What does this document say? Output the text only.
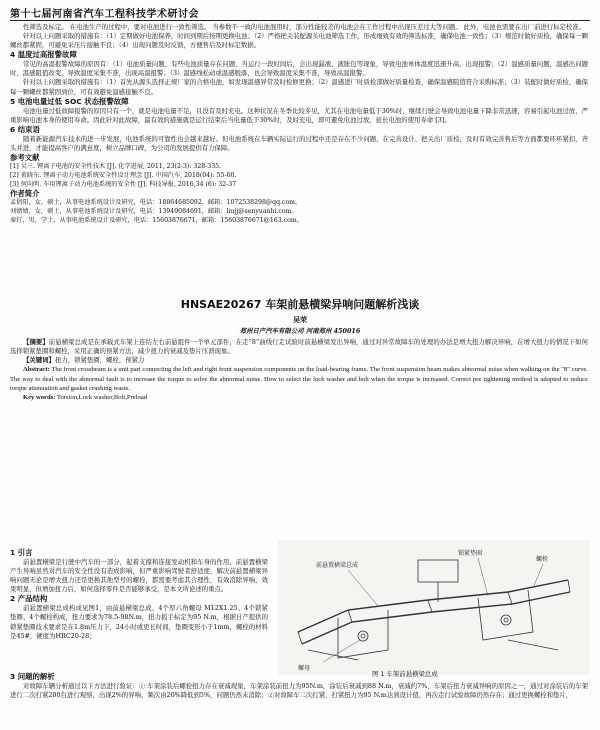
第十七届河南省汽车工程科技学术研讨会

性筛选及标定。 在电池生产的过程中，要对电池进行一致性筛选。 当参数不一致的电池混用时，部分性能较差的电池会在工作过程中出现压差过大等问题。 此外，电池也需要在出厂前进行标定校准。

针对以上问题采取的措施有：（1）定期做好电池保养，时间到期后按期更换电池；（2）严格把关装配源头电池筛选工作，形成细致有效的筛选标准，确保电池一致性；（3）规范时做好质检，确保每一颗螺丝都紧固，可避免采压片接触不良；（4）出现问题及时反馈，方便售后及时标定数据。

4 温度过高报警故障

常见的高温报警故障的原因有：（1）电池质量问题，有些电池质量存在问题，当运行一段时间后，会出现漏液、液胀包等现象，导致电池单体温度迅速升高，出现报警；（2）温感质量问题，温感出问题时，温感阻值改变，导致温度采集不准，出现高温报警；（3）温感线松动或温感脱落，也会导致温度采集不准，导致高温报警。

针对以上问题采取的措施有：（1）首先从源头选择正规厂家的合格电池，如发现温感异常及时检修更换；（2）温感进厂时质检部做好质量检查，确保温感阻值符合采购标准；（3）装配时做好质检，确保每一颗螺丝都紧固到位，可有效避免温感接触不良。

5 电池电量过低 SOC 状态报警故障

电池电量过低故障报警的原因只有一个，就是电池电量不足，且没有及时充电。这种状况在冬季比较多见，尤其在电池电量低于30%时，继续行驶会导致电池电量下降非常迅速，容易引起电池过放，严重影响电池本身的使用寿命。因此针对此故障，最有效的措施就是运行结束后当电量低于30%时，及时充电，即可避免电池过放，延长电池的使用寿命 [3]。

6 结束语

随着新能源汽车技术的进一步发展，电池系统的可靠性也会越来越好。但电池系统在车辆实际运行的过程中还是存在不少问题，在完善设计、把关出厂质检，及时有效完善售后等方面都要环环紧扣，齐头并进，才能提高客户的满意度，树立品牌口碑，为公司的发展提供有力保障。

参考文献

[1] 吴三. 锂离子电池的安全性技术 [J]. 化学进展, 2011, 23(2-3): 328-335.

[2] 黄晓东. 锂离子动力电池系统安全性设计理念 [J]. 中国汽车, 2018(04): 55-60.

[3] 何向明. 车用锂离子动力电池系统的安全性 [J]. 科技导报, 2016,34 (6): 32-37

作者简介

孟倩阳，女，硕士，从事电池系统设计及研究，电话：18864685092，邮箱：1072538298@qq.com。

刘婧婧，女，硕士，从事电池系统设计及研究，电话：13949084691，邮箱：liujj@senyuanhi.com。

秦钌，男，学士，从事电池系统设计及研究，电话：15603876671，邮箱：15603876671@163.com。

HNSAE20267 车架前悬横梁异响问题解析浅谈
吴荣
郑州日产汽车有限公司 河南郑州 450016

【摘要】前悬横梁总成是在承载式车架上连结左右前悬组件一个单元部件，在走“8”曲线行走试验时前悬横梁发出异响，通过对异常故障车的处理的办法是增大扭力解决异响，在增大扭力的情况下如何选择锁紧垫圈和螺栓，采用正确的预紧方法，减少扭力的衰减及垫片压溃现象。

【关键词】扭力，锁紧垫圈，螺栓，预紧力

Abstract: The front crossbeam is a unit part connecting the left and right front suspension components on the load-bearing frame. The front suspension beam makes abnormal noise when walking on the "8" curve. The way to deal with the abnormal fault is to increase the torque to solve the abnormal noise. How to select the lock washer and bolt when the torque is increased. Correct pre tightening method is adopted to reduce torque attenuation and gasket crushing waste.

Key words: Torsion,Lock washer,Bolt,Preload

1 引言

前悬置横梁是行驶中汽车的一部分，起着支撑和连接发动机和车身的作用，前悬置横梁产生异响虽然对汽车的安全性没有造成影响，但严重影响驾驶者舒适度，解决前悬置横梁异响问题无论是增大扭力还是更换其他型号的螺栓，都需要考虑其合理性，有效消除异响，效果明显，但增加扭力后，如何选择零件是否能够承受，是本文所论述的重点。

2 产品结构

前悬置横梁总成构成见图1，由前悬横梁总成、4个厚六角螺母 M12X1.25、4个锁紧垫圈、4个螺栓构成，扭力要求为78.5-98N.m，扭力扳手标定为95 N.m，根据日产提供的锁紧垫圈技术要求是在1.8m压力下，24小时或更长时间，垫圈变形小于1mm，螺栓的材料是45#，硬度为HRC20-28；

前悬置横梁总成
锁紧垫圈
螺栓
螺母
图 1 车架前悬横梁总成

3 问题的解析

对故障车辆分析通过以下方法进行验证：① 车架涂装后螺栓扭力存在衰减现象，车架涂装前扭力为95N.m，涂装后衰减到88 N.m，衰减约7%，车架后扭力衰减异响的原因之一，通过对涂装后的车架进行二次打紧200台进行观察，出现2%的异响，频次由20%降低到5%，问题仍然未消除；②对故障车二次打紧，打紧扭力为95 N.m达到设计值，再次走行试验故障仍然存在；通过更换螺栓和垫片，
